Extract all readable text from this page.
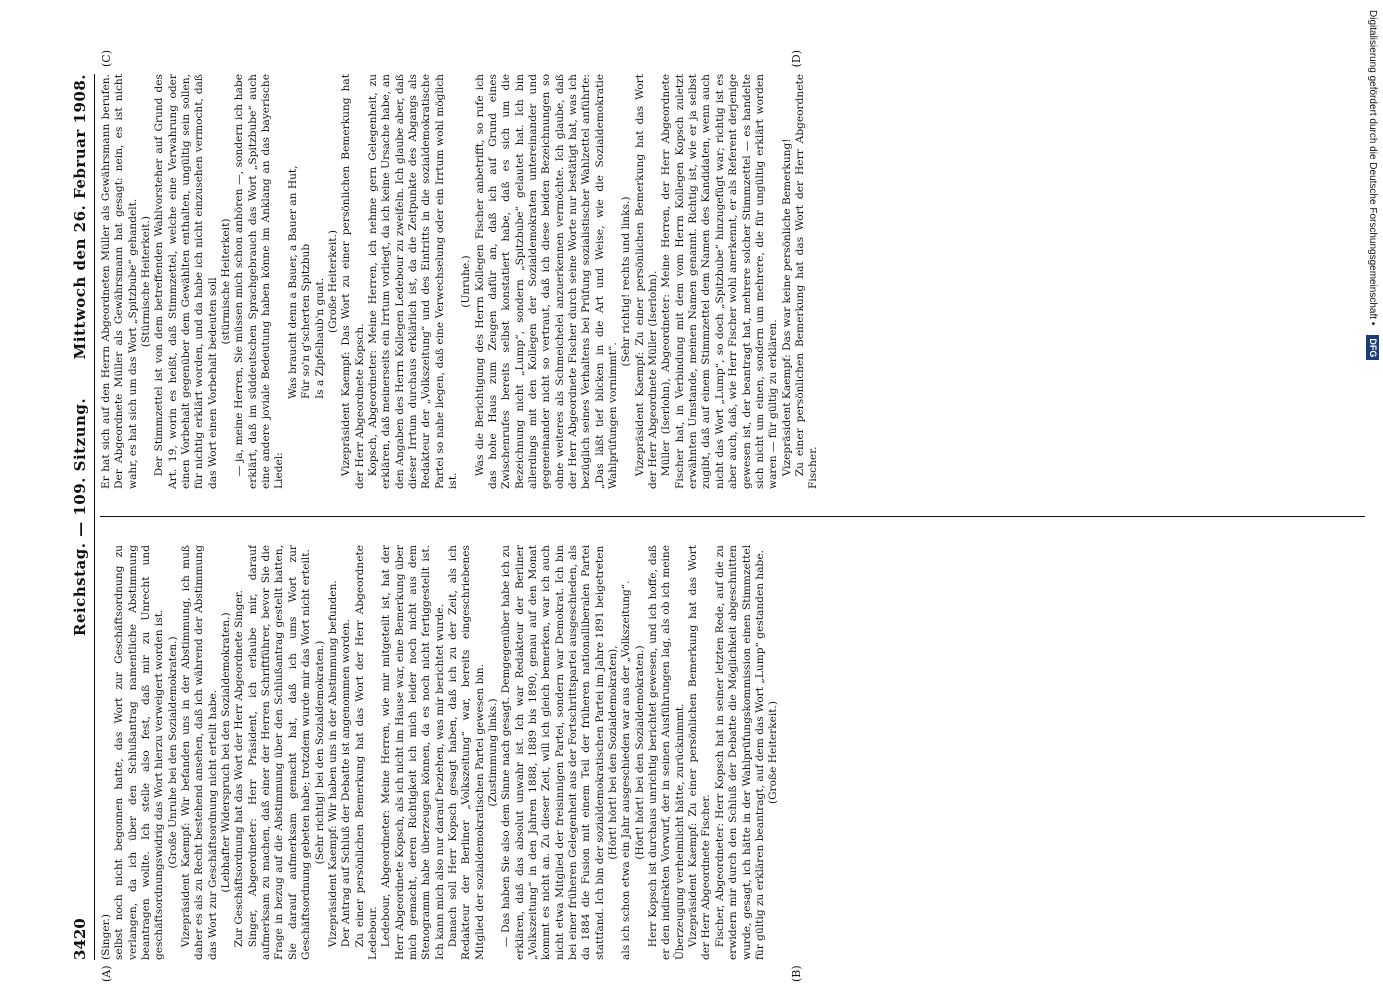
3420
Reichstag. — 109. Sitzung.
Mittwoch den 26. Februar 1908.
(A)	(B)
(C)	(D)

(Singer.) selbst noch nicht begonnen hatte, das Wort zur Geschäftsordnung zu verlangen, da ich über den Schlußantrag namentliche Abstimmung beantragen wollte. Ich stelle also fest, daß mir zu Unrecht und geschäftsordnungswidrig das Wort hierzu verweigert worden ist. (Große Unruhe bei den Sozialdemokraten.) Vizepräsident Kaempf: Wir befanden uns in der Abstimmung, ich muß daher es als zu Recht bestehend ansehen, daß ich während der Abstimmung das Wort zur Geschäftsordnung nicht erteilt habe. (Lebhafter Widerspruch bei den Sozialdemokraten.) Zur Geschäftsordnung hat das Wort der Herr Abgeordnete Singer. Singer, Abgeordneter: Herr Präsident, ich erlaube mir, darauf aufmerksam zu machen, daß einer der Herren Schriftführer, bevor Sie die Frage in bezug auf die Abstimmung über den Schlußantrag gestellt hatten, Sie darauf aufmerksam gemacht hat, daß ich ums Wort zur Geschäftsordnung gebeten habe; trotzdem wurde mir das Wort nicht erteilt. (Sehr richtig! bei den Sozialdemokraten.) Vizepräsident Kaempf: Wir haben uns in der Abstimmung befunden. Der Antrag auf Schluß der Debatte ist angenommen worden. Zu einer persönlichen Bemerkung hat das Wort der Herr Abgeordnete Ledebour. Ledebour, Abgeordneter: Meine Herren, wie mir mitgeteilt ist, hat der Herr Abgeordnete Kopsch, als ich nicht im Hause war, eine Bemerkung über mich gemacht, deren Richtigkeit ich mich leider noch nicht aus dem Stenogramm habe überzeugen können, da es noch nicht fertiggestellt ist. Ich kann mich also nur darauf beziehen, was mir berichtet wurde. Danach soll Herr Kopsch gesagt haben, daß ich zu der Zeit, als ich Redakteur der Berliner „Volkszeitung“ war, bereits eingeschriebenes Mitglied der sozialdemokratischen Partei gewesen bin. (Zustimmung links.) — Das haben Sie also dem Sinne nach gesagt. Demgegenüber habe ich zu erklären, daß das absolut unwahr ist. Ich war Redakteur der Berliner „Volkszeitung“ in den Jahren 1888, 1889 bis 1890, genau auf den Monat kommt es nicht an. Zu dieser Zeit, will ich gleich bemerken, war ich auch nicht etwa Mitglied der freisinnigen Partei, sondern war Demokrat. Ich bin bei einer früheren Gelegenheit aus der Fortschrittspartei ausgeschieden, als da 1884 die Fusion mit einem Teil der früheren nationalliberalen Partei stattfand. Ich bin der sozialdemokratischen Partei im Jahre 1891 beigetreten (Hört! hört! bei den Sozialdemokraten), als ich schon etwa ein Jahr ausgeschieden war aus der „Volkszeitung“. (Hört! hört! bei den Sozialdemokraten.) Herr Kopsch ist durchaus unrichtig berichtet gewesen, und ich hoffe, daß er den indirekten Vorwurf, der in seinen Ausführungen lag, als ob ich meine Überzeugung verheimlicht hätte, zurücknimmt. Vizepräsident Kaempf: Zu einer persönlichen Bemerkung hat das Wort der Herr Abgeordnete Fischer. Fischer, Abgeordneter: Herr Kopsch hat in seiner letzten Rede, auf die zu erwidern mir durch den Schluß der Debatte die Möglichkeit abgeschnitten wurde, gesagt, ich hätte in der Wahlprüfungskommission einen Stimmzettel für gültig zu erklären beantragt, auf dem das Wort „Lump“ gestanden habe. (Große Heiterkeit.)

Er hat sich auf den Herrn Abgeordneten Müller als Gewährsmann berufen. Der Abgeordnete Müller als Gewährsmann hat gesagt: nein, es ist nicht wahr, es hat sich um das Wort „Spitzbube“ gehandelt. (Stürmische Heiterkeit.) Der Stimmzettel ist von dem betreffenden Wahlvorsteher auf Grund des Art. 19, worin es heißt, daß Stimmzettel, welche eine Verwahrung oder einen Vorbehalt gegenüber dem Gewählten enthalten, ungültig sein sollen, für nichtig erklärt worden, und da habe ich nicht einzusehen vermocht, daß das Wort einen Vorbehalt bedeuten soll (stürmische Heiterkeit) — ja, meine Herren, Sie müssen mich schon anhören —, sondern ich habe erklärt, daß im süddeutschen Sprachgebrauch das Wort „Spitzbube“ auch eine andere joviale Bedeutung haben könne im Anklang an das bayerische Liedel:

Was braucht denn a Bauer, a Bauer an Hut, Für so'n g'scherten Spitzbub Is a Zipfelhaub'n guat. (Große Heiterkeit.) Vizepräsident Kaempf: Das Wort zu einer persönlichen Bemerkung hat der Herr Abgeordnete Kopsch. Kopsch, Abgeordneter: Meine Herren, ich nehme gern Gelegenheit, zu erklären, daß meinerseits ein Irrtum vorliegt, da ich keine Ursache habe, an den Angaben des Herrn Kollegen Ledebour zu zweifeln. Ich glaube aber, daß dieser Irrtum durchaus erklärlich ist, da die Zeitpunkte des Abgangs als Redakteur der „Volkszeitung“ und des Eintritts in die sozialdemokratische Partei so nahe liegen, daß eine Verwechselung oder ein Irrtum wohl möglich ist.

(Unruhe.) Was die Berichtigung des Herrn Kollegen Fischer anbetrifft, so rufe ich das hohe Haus zum Zeugen dafür an, daß ich auf Grund eines Zwischenrufes bereits selbst konstatiert habe, daß es sich um die Bezeichnung nicht „Lump“, sondern „Spitzbube“ gelautet hat. Ich bin allerdings mit den Kollegen der Sozialdemokraten untereinander und gegeneinander nicht so vertraut, daß ich diese beiden Bezeichnungen so ohne weiteres als Schmeichelei anzuerkennen vermöchte. Ich glaube, daß der Herr Abgeordnete Fischer durch seine Worte nur bestätigt hat, was ich bezüglich seines Verhaltens bei Prüfung sozialistischer Wahlzettel anführte: „Das läßt tief blicken in die Art und Weise, wie die Sozialdemokratie Wahlprüfungen vornimmt“.

(Sehr richtig! rechts und links.) Vizepräsident Kaempf: Zu einer persönlichen Bemerkung hat das Wort der Herr Abgeordnete Müller (Iserlohn). Müller (Iserlohn), Abgeordneter: Meine Herren, der Herr Abgeordnete Fischer hat, in Verbindung mit dem vom Herrn Kollegen Kopsch zuletzt erwähnten Umstande, meinen Namen genannt. Richtig ist, wie er ja selbst zugibt, daß auf einem Stimmzettel dem Namen des Kandidaten, wenn auch nicht das Wort „Lump“, so doch „Spitzbube“ hinzugefügt war; richtig ist es aber auch, daß, wie Herr Fischer wohl anerkennt, er als Referent derjenige gewesen ist, der beantragt hat, mehrere solcher Stimmzettel — es handelte sich nicht um einen, sondern um mehrere, die für ungültig erklärt worden waren — für gültig zu erklären. Vizepräsident Kaempf: Das war keine persönliche Bemerkung! Zu einer persönlichen Bemerkung hat das Wort der Herr Abgeordnete Fischer.

Digitalisierung gefördert durch die Deutsche Forschungsgemeinschaft •
DFG
